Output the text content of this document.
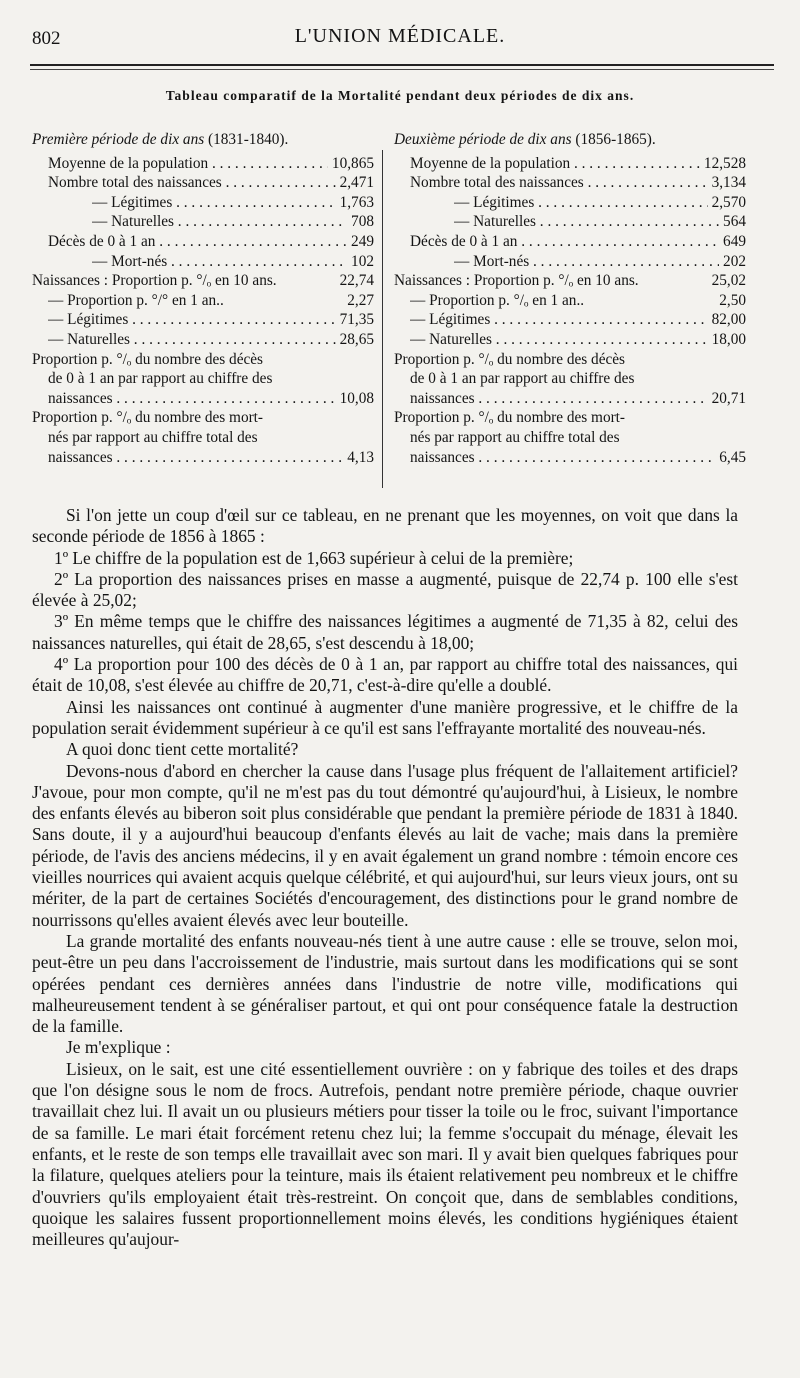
802	L'UNION MÉDICALE.
Tableau comparatif de la Mortalité pendant deux périodes de dix ans.
Première période de dix ans (1831-1840).
Moyenne de la population . . .	10,865
Nombre total des naissances . . .	2,471
— Légitimes . . .	1,763
— Naturelles . . .	708
Décès de 0 à 1 an . . .	249
— Mort-nés . . .	102
Naissances : Proportion p. °/ₒ en 10 ans.	22,74
— Proportion p. °/° en 1 an..	2,27
— Légitimes . . .	71,35
— Naturelles . . .	28,65
Proportion p. °/ₒ du nombre des décès
de 0 à 1 an par rapport au chiffre des
naissances . . .	10,08
Proportion p. °/ₒ du nombre des mort-
nés par rapport au chiffre total des
naissances . . .	4,13
Deuxième période de dix ans (1856-1865).
Moyenne de la population . . .	12,528
Nombre total des naissances . . .	3,134
— Légitimes . . .	2,570
— Naturelles . . .	564
Décès de 0 à 1 an . . .	649
— Mort-nés . . .	202
Naissances : Proportion p. °/ₒ en 10 ans.	25,02
— Proportion p. °/ₒ en 1 an..	2,50
— Légitimes . . .	82,00
— Naturelles . . .	18,00
Proportion p. °/ₒ du nombre des décès
de 0 à 1 an par rapport au chiffre des
naissances . . .	20,71
Proportion p. °/ₒ du nombre des mort-
nés par rapport au chiffre total des
naissances . . .	6,45

Si l'on jette un coup d'œil sur ce tableau, en ne prenant que les moyennes, on voit que dans la seconde période de 1856 à 1865 :

1º Le chiffre de la population est de 1,663 supérieur à celui de la première;

2º La proportion des naissances prises en masse a augmenté, puisque de 22,74 p. 100 elle s'est élevée à 25,02;

3º En même temps que le chiffre des naissances légitimes a augmenté de 71,35 à 82, celui des naissances naturelles, qui était de 28,65, s'est descendu à 18,00;

4º La proportion pour 100 des décès de 0 à 1 an, par rapport au chiffre total des naissances, qui était de 10,08, s'est élevée au chiffre de 20,71, c'est-à-dire qu'elle a doublé.

Ainsi les naissances ont continué à augmenter d'une manière progressive, et le chiffre de la population serait évidemment supérieur à ce qu'il est sans l'effrayante mortalité des nouveau-nés.

A quoi donc tient cette mortalité?

Devons-nous d'abord en chercher la cause dans l'usage plus fréquent de l'allaitement artificiel? J'avoue, pour mon compte, qu'il ne m'est pas du tout démontré qu'aujourd'hui, à Lisieux, le nombre des enfants élevés au biberon soit plus considérable que pendant la première période de 1831 à 1840. Sans doute, il y a aujourd'hui beaucoup d'enfants élevés au lait de vache; mais dans la première période, de l'avis des anciens médecins, il y en avait également un grand nombre : témoin encore ces vieilles nourrices qui avaient acquis quelque célébrité, et qui aujourd'hui, sur leurs vieux jours, ont su mériter, de la part de certaines Sociétés d'encouragement, des distinctions pour le grand nombre de nourrissons qu'elles avaient élevés avec leur bouteille.

La grande mortalité des enfants nouveau-nés tient à une autre cause : elle se trouve, selon moi, peut-être un peu dans l'accroissement de l'industrie, mais surtout dans les modifications qui se sont opérées pendant ces dernières années dans l'industrie de notre ville, modifications qui malheureusement tendent à se généraliser partout, et qui ont pour conséquence fatale la destruction de la famille.

Je m'explique :

Lisieux, on le sait, est une cité essentiellement ouvrière : on y fabrique des toiles et des draps que l'on désigne sous le nom de frocs. Autrefois, pendant notre première période, chaque ouvrier travaillait chez lui. Il avait un ou plusieurs métiers pour tisser la toile ou le froc, suivant l'importance de sa famille. Le mari était forcément retenu chez lui; la femme s'occupait du ménage, élevait les enfants, et le reste de son temps elle travaillait avec son mari. Il y avait bien quelques fabriques pour la filature, quelques ateliers pour la teinture, mais ils étaient relativement peu nombreux et le chiffre d'ouvriers qu'ils employaient était très-restreint. On conçoit que, dans de semblables conditions, quoique les salaires fussent proportionnellement moins élevés, les conditions hygiéniques étaient meilleures qu'aujour-
